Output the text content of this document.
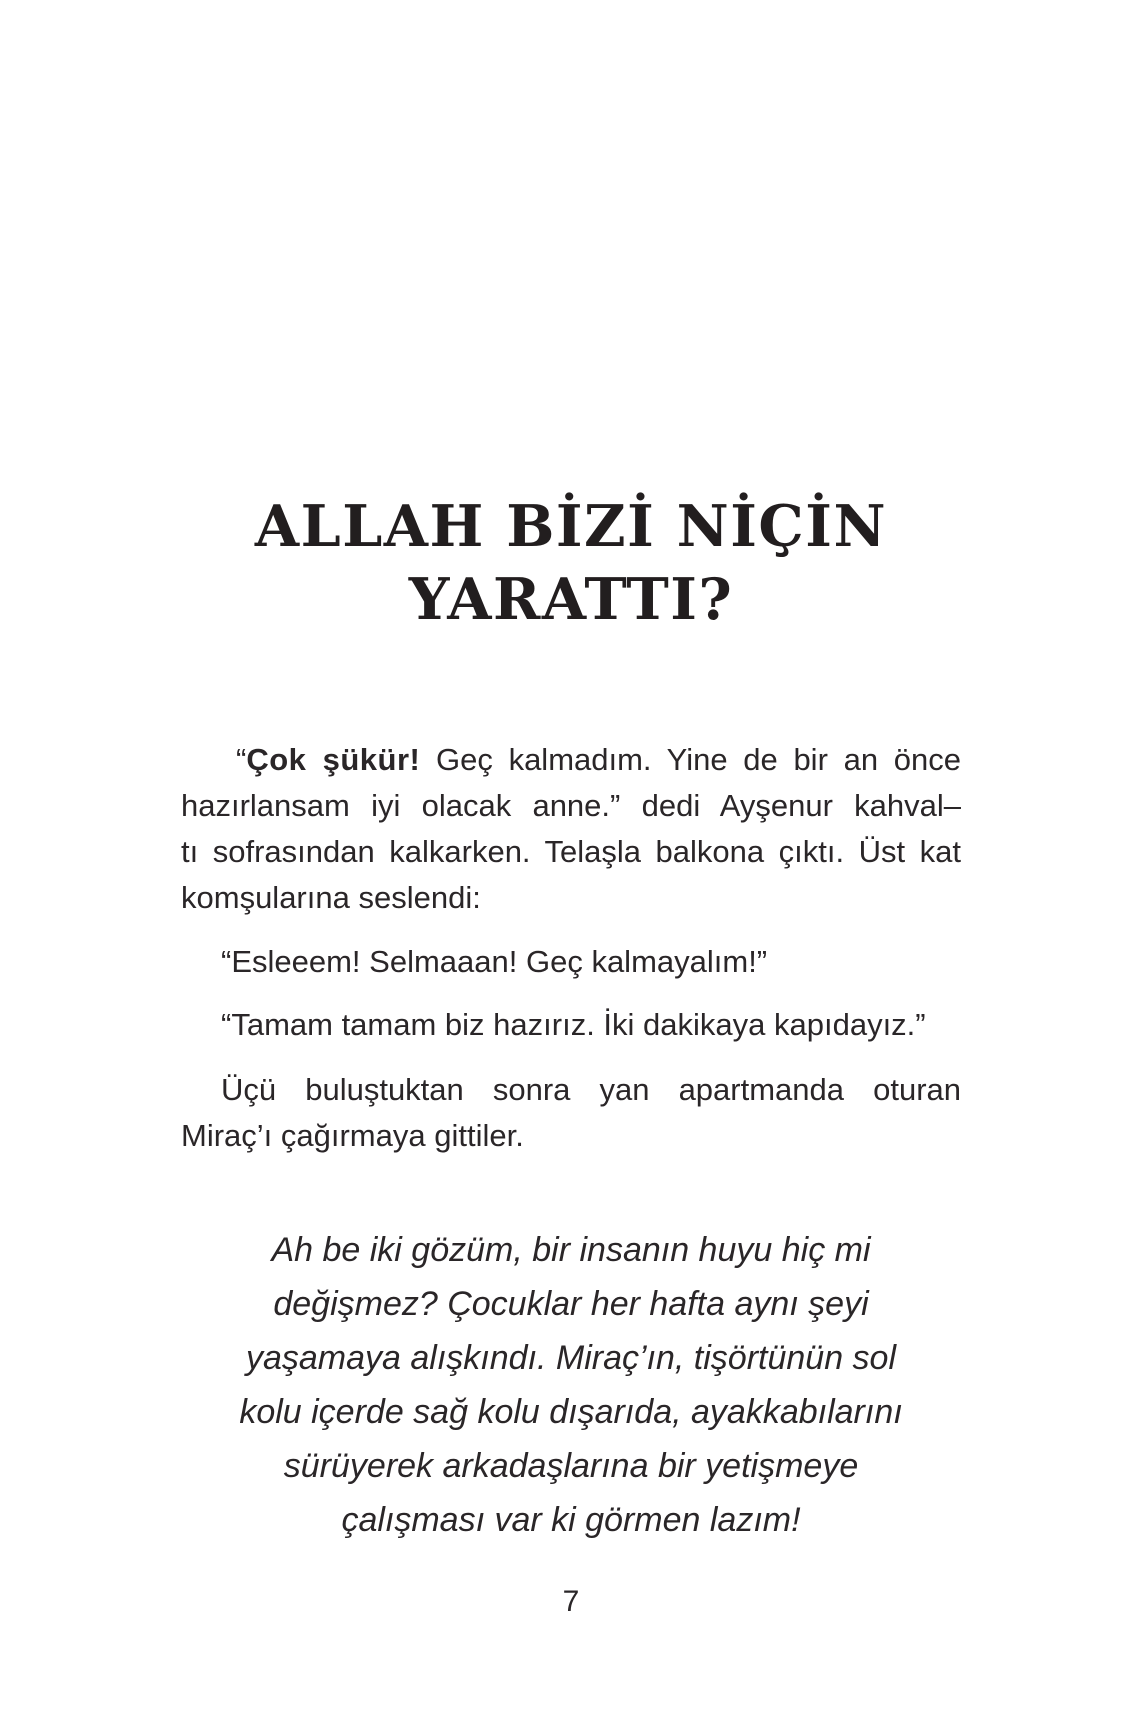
ALLAH BİZİ NİÇİN
YARATTI?
“Çok şükür! Geç kalmadım. Yine de bir an önce
hazırlansam iyi olacak anne.” dedi Ayşenur kahval–
tı sofrasından kalkarken. Telaşla balkona çıktı. Üst kat
komşularına seslendi:
“Esleeem! Selmaaan! Geç kalmayalım!”
“Tamam tamam biz hazırız. İki dakikaya kapıdayız.”
Üçü buluştuktan sonra yan apartmanda oturan
Miraç’ı çağırmaya gittiler.
Ah be iki gözüm, bir insanın huyu hiç mi
değişmez? Çocuklar her hafta aynı şeyi
yaşamaya alışkındı. Miraç’ın, tişörtünün sol
kolu içerde sağ kolu dışarıda, ayakkabılarını
sürüyerek arkadaşlarına bir yetişmeye
çalışması var ki görmen lazım!
7
